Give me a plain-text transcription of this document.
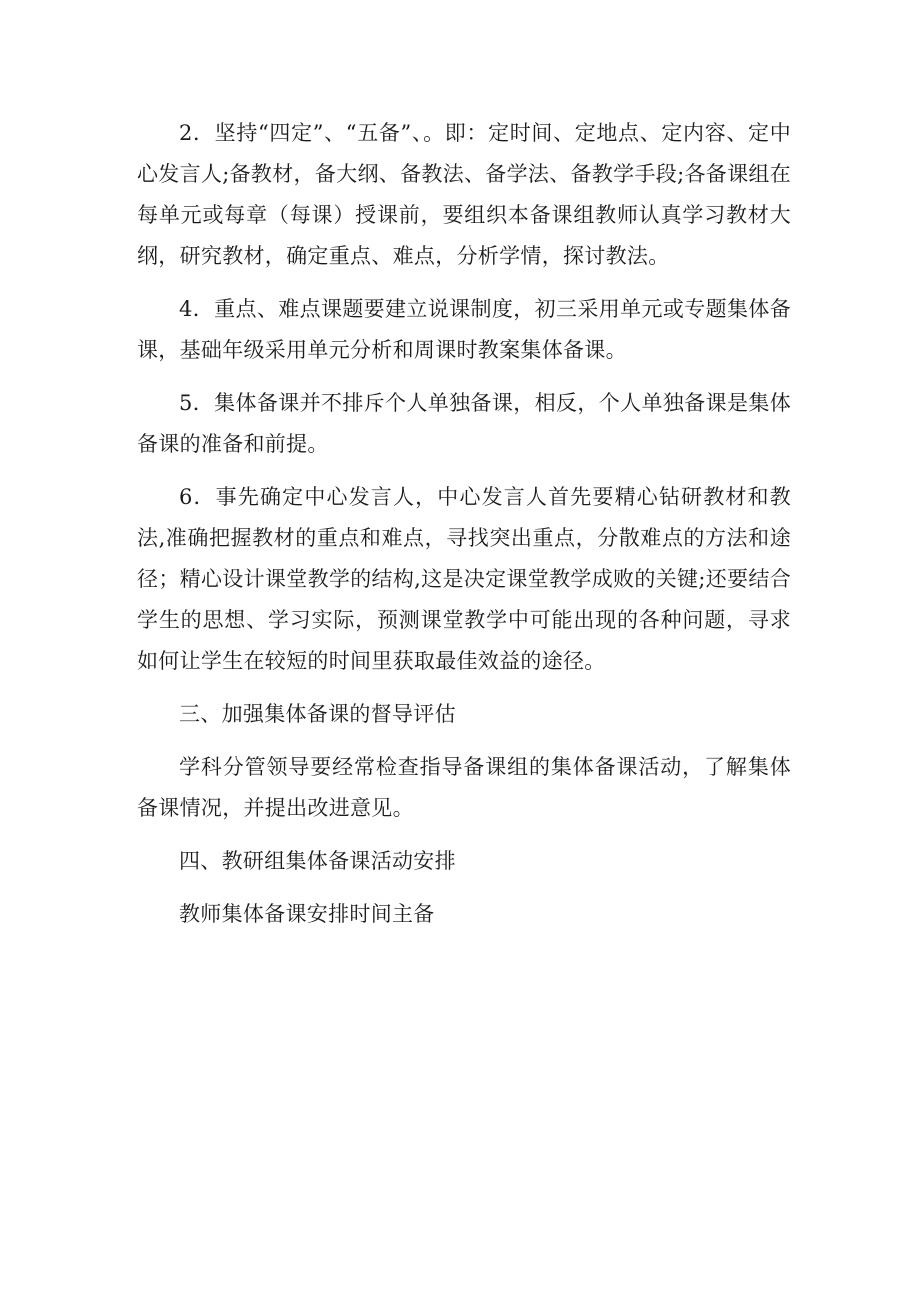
2．坚持“四定”、“五备”、。即：定时间、定地点、定内容、定中心发言人;备教材，备大纲、备教法、备学法、备教学手段;各备课组在每单元或每章（每课）授课前，要组织本备课组教师认真学习教材大纲，研究教材，确定重点、难点，分析学情，探讨教法。

4．重点、难点课题要建立说课制度，初三采用单元或专题集体备课，基础年级采用单元分析和周课时教案集体备课。

5．集体备课并不排斥个人单独备课，相反，个人单独备课是集体备课的准备和前提。

6．事先确定中心发言人，中心发言人首先要精心钻研教材和教法,准确把握教材的重点和难点，寻找突出重点，分散难点的方法和途径；精心设计课堂教学的结构,这是决定课堂教学成败的关键;还要结合学生的思想、学习实际，预测课堂教学中可能出现的各种问题，寻求如何让学生在较短的时间里获取最佳效益的途径。

三、加强集体备课的督导评估

学科分管领导要经常检查指导备课组的集体备课活动，了解集体备课情况，并提出改进意见。

四、教研组集体备课活动安排

教师集体备课安排时间主备
